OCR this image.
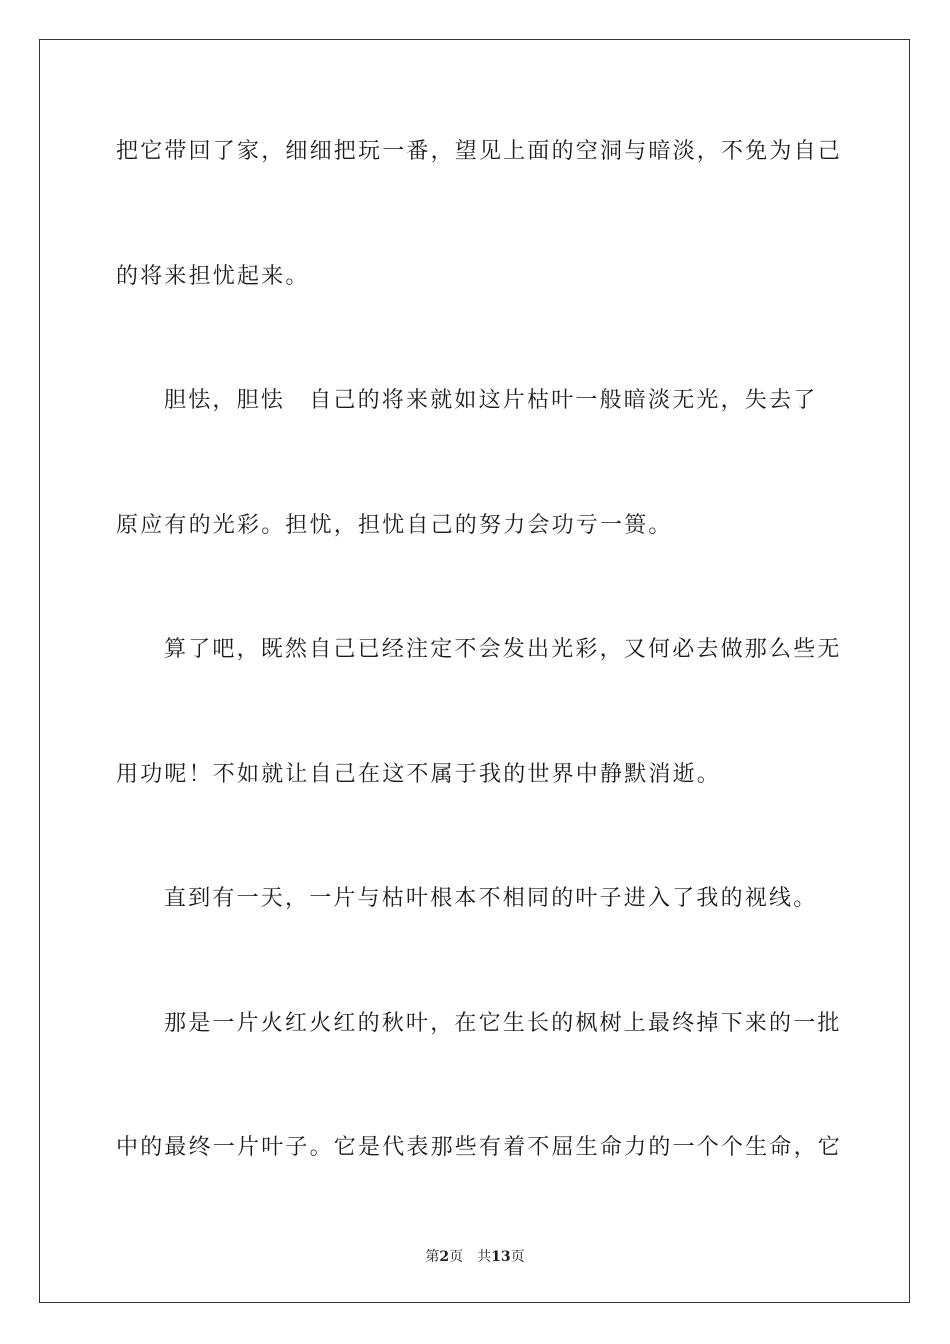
把它带回了家，细细把玩一番，望见上面的空洞与暗淡，不免为自己
的将来担忧起来。
胆怯，胆怯　自己的将来就如这片枯叶一般暗淡无光，失去了
原应有的光彩。担忧，担忧自己的努力会功亏一篑。
算了吧，既然自己已经注定不会发出光彩，又何必去做那么些无
用功呢！不如就让自己在这不属于我的世界中静默消逝。
直到有一天，一片与枯叶根本不相同的叶子进入了我的视线。
那是一片火红火红的秋叶，在它生长的枫树上最终掉下来的一批
中的最终一片叶子。它是代表那些有着不屈生命力的一个个生命，它
第2页　共13页
